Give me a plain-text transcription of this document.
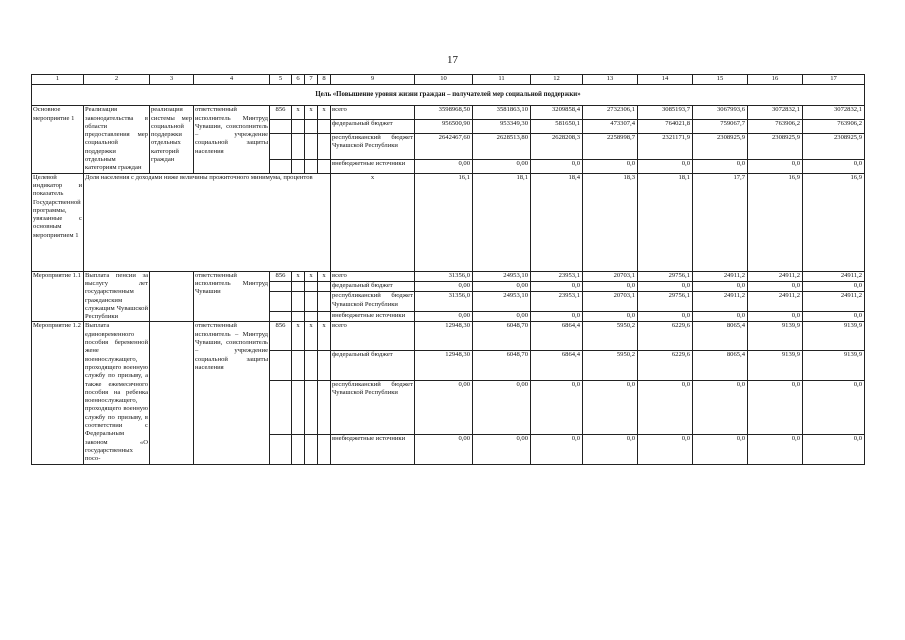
17
1	2	3	4	5	6	7	8	9	10	11	12	13	14	15	16	17
Цель «Повышение уровня жизни граждан – получателей мер социальной поддержки»																
Основное мероприятие 1	Реализация законодательства в области предоставления мер социальной поддержки отдельным категориям граждан	реализация системы мер социальной поддержки отдельных категорий граждан	ответственный исполнитель Минтруд Чувашии, соисполнитель – учреждение социальной защиты населения	856	x	x	x	всего	3598968,50	3581863,10	3209858,4	2732306,1	3085193,7	3067993,6	3072832,1	3072832,1
								федеральный бюджет	956500,90	953349,30	581650,1	473307,4	764021,8	759067,7	763906,2	763906,2
								республиканский бюджет Чувашской Республики	2642467,60	2628513,80	2628208,3	2258998,7	2321171,9	2308925,9	2308925,9	2308925,9
								внебюджетные источники	0,00	0,00	0,0	0,0	0,0	0,0	0,0	0,0
Целевой индикатор и показатель Государственной программы, увязанные с основным мероприятием 1	Доля населения с доходами ниже величины прожиточного минимума, процентов							x	16,1	18,1	18,4	18,3	18,1	17,7	16,9	16,9
Мероприятие 1.1	Выплата пенсии за выслугу лет государственным гражданским служащим Чувашской Республики		ответственный исполнитель Минтруд Чувашии	856	x	x	x	всего	31356,0	24953,10	23953,1	20703,1	29756,1	24911,2	24911,2	24911,2
								федеральный бюджет	0,00	0,00	0,0	0,0	0,0	0,0	0,0	0,0
								республиканский бюджет Чувашской Республики	31356,0	24953,10	23953,1	20703,1	29756,1	24911,2	24911,2	24911,2
								внебюджетные источники	0,00	0,00	0,0	0,0	0,0	0,0	0,0	0,0
Мероприятие 1.2	Выплата единовременного пособия беременной жене военнослужащего, проходящего военную службу по призыву, а также ежемесячного пособия на ребенка военнослужащего, проходящего военную службу по призыву, в соответствии с Федеральным законом «О государственных посо-		ответственный исполнитель – Минтруд Чувашии, соисполнитель – учреждение социальной защиты населения	856	x	x	x	всего	12948,30	6048,70	6864,4	5950,2	6229,6	8065,4	9139,9	9139,9
								федеральный бюджет	12948,30	6048,70	6864,4	5950,2	6229,6	8065,4	9139,9	9139,9
								республиканский бюджет Чувашской Республики	0,00	0,00	0,0	0,0	0,0	0,0	0,0	0,0
								внебюджетные источники	0,00	0,00	0,0	0,0	0,0	0,0	0,0	0,0
